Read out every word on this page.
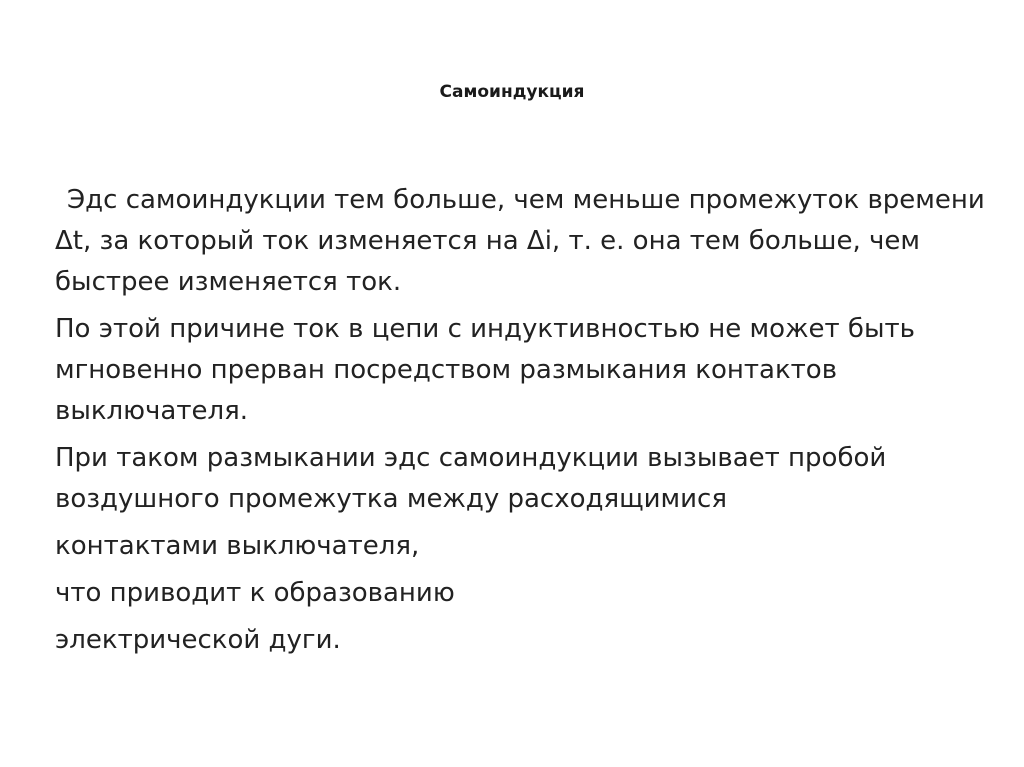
Самоиндукция

Эдс самоиндукции тем больше, чем меньше промежуток времени Δt, за который ток изменяется на Δi, т. е. она тем больше, чем быстрее изменяется ток.

По этой причине ток в цепи с индуктивностью не может быть мгновенно прерван посредством размыкания контактов выключателя.

При таком размыкании эдс самоиндукции вызывает пробой воздушного промежутка между расходящимися

контактами выключателя,
что приводит к образованию
электрической дуги.
